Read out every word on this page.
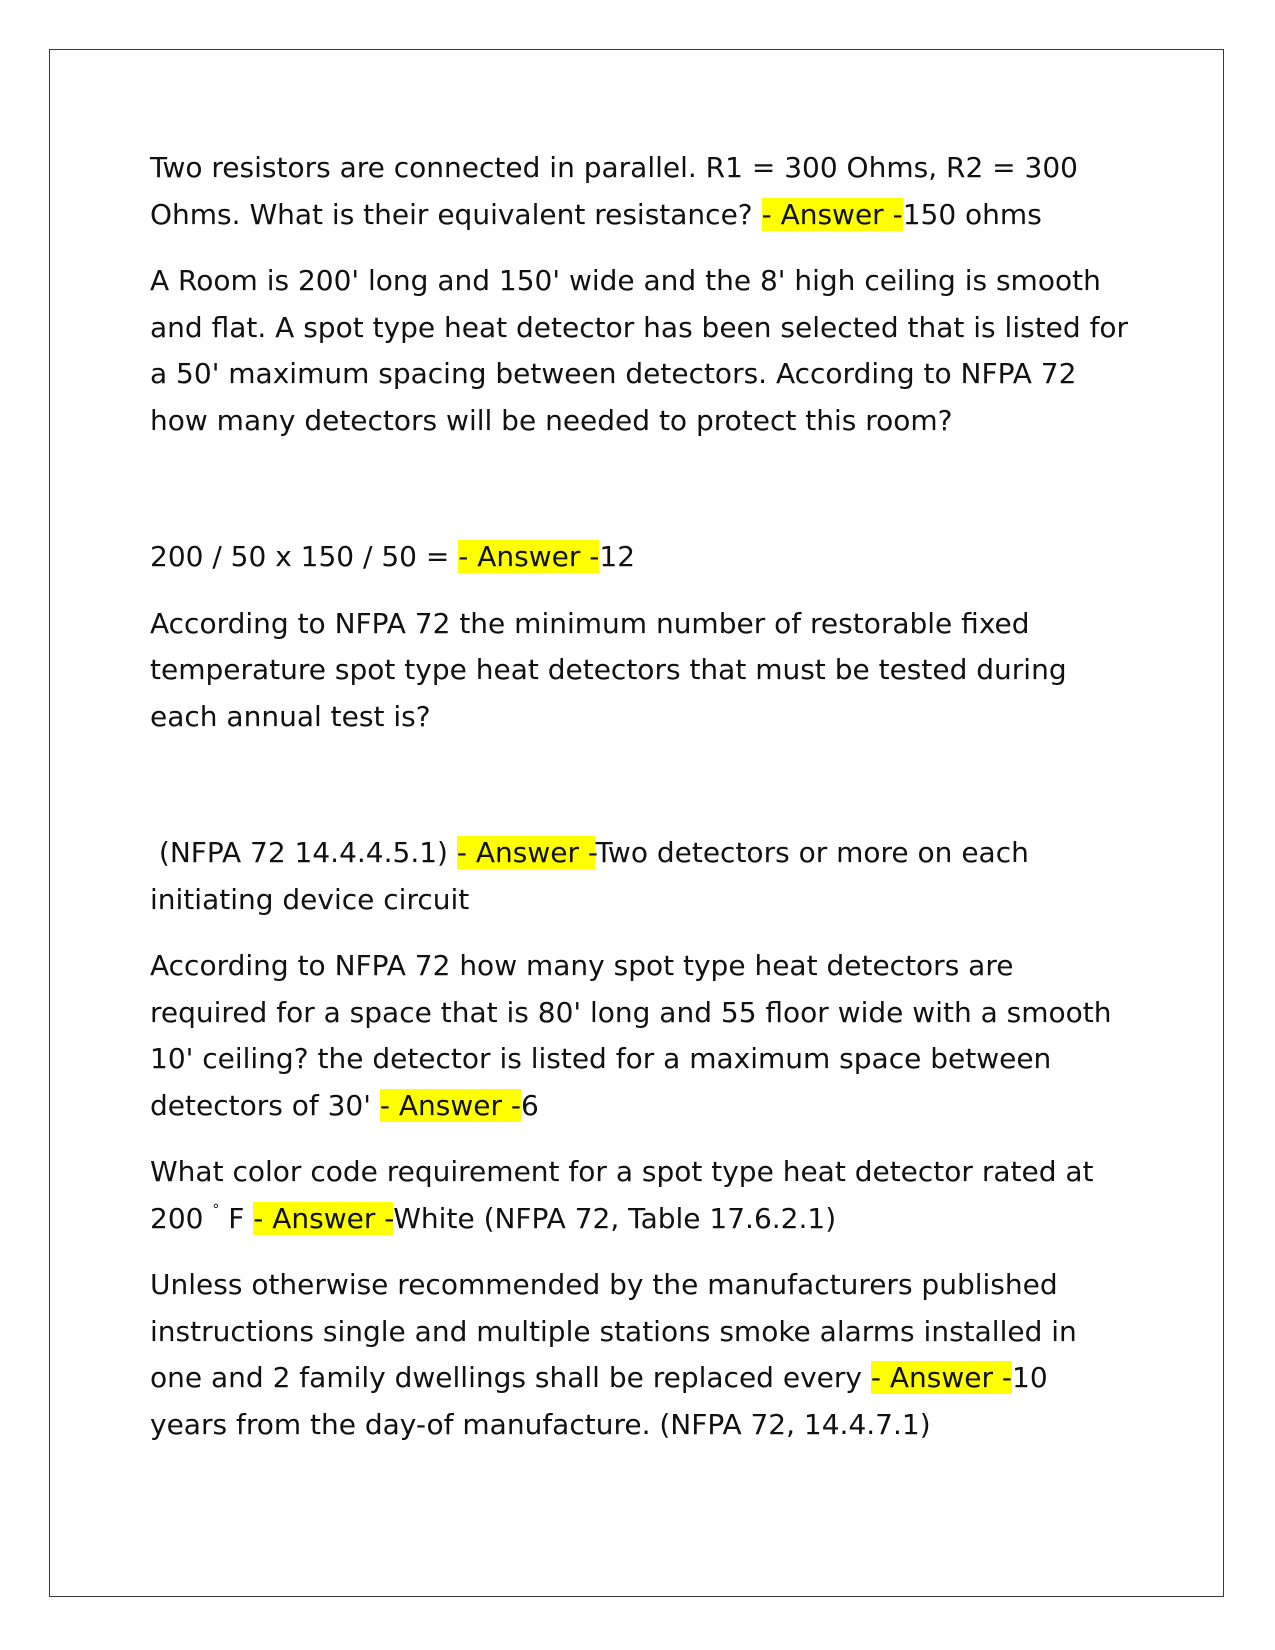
Two resistors are connected in parallel. R1 = 300 Ohms, R2 = 300 Ohms. What is their equivalent resistance? - Answer -150 ohms

A Room is 200' long and 150' wide and the 8' high ceiling is smooth and flat. A spot type heat detector has been selected that is listed for a 50' maximum spacing between detectors. According to NFPA 72 how many detectors will be needed to protect this room?

200 / 50 x 150 / 50 = - Answer -12

According to NFPA 72 the minimum number of restorable fixed temperature spot type heat detectors that must be tested during each annual test is?

(NFPA 72 14.4.4.5.1) - Answer -Two detectors or more on each initiating device circuit

According to NFPA 72 how many spot type heat detectors are required for a space that is 80' long and 55 floor wide with a smooth 10' ceiling? the detector is listed for a maximum space between detectors of 30' - Answer -6

What color code requirement for a spot type heat detector rated at 200 ° F - Answer -White (NFPA 72, Table 17.6.2.1)

Unless otherwise recommended by the manufacturers published instructions single and multiple stations smoke alarms installed in one and 2 family dwellings shall be replaced every - Answer -10 years from the day-of manufacture. (NFPA 72, 14.4.7.1)
